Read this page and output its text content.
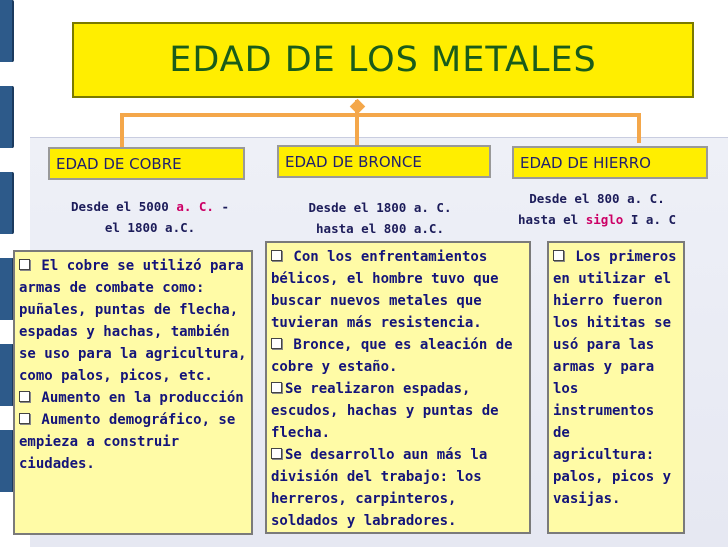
EDAD DE LOS METALES
EDAD DE COBRE	EDAD DE BRONCE	EDAD DE HIERRO
Desde el 5000 a. C. -
el 1800 a.C.
Desde el 1800 a. C.
hasta el 800 a.C.
Desde el 800 a. C.
hasta el siglo I a. C

El cobre se utilizó para armas de combate como: puñales, puntas de flecha, espadas y hachas, también se uso para la agricultura, como palos, picos, etc.

Aumento en la producción

Aumento demográfico, se empieza a construir ciudades.

Con los enfrentamientos bélicos, el hombre tuvo que buscar nuevos metales que tuvieran más resistencia.

Bronce, que es aleación de cobre y estaño.

Se realizaron espadas, escudos, hachas y puntas de flecha.

Se desarrollo aun más la división del trabajo: los herreros, carpinteros, soldados y labradores.

Los primeros en utilizar el hierro fueron los hititas se usó para las armas y para los instrumentos de agricultura: palos, picos y vasijas.
